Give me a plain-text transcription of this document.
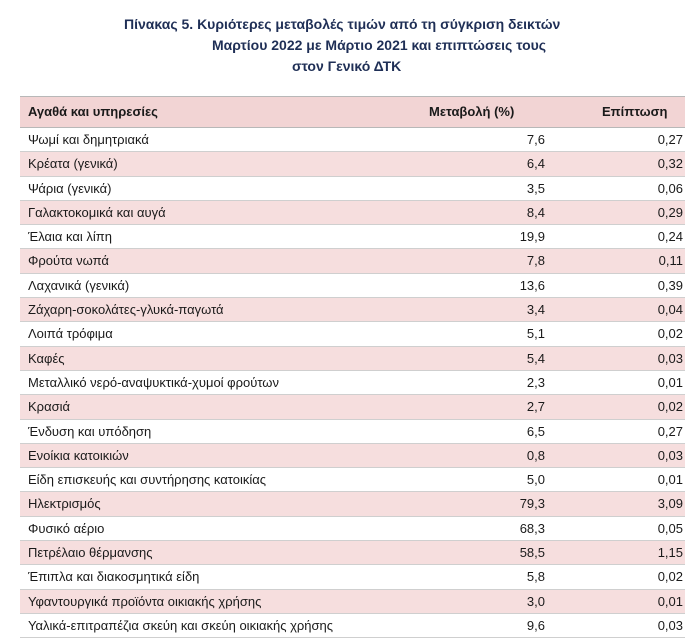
Πίνακας 5. Κυριότερες μεταβολές τιμών από τη σύγκριση δεικτών
Μαρτίου 2022 με Μάρτιο 2021 και επιπτώσεις τους
στον Γενικό ΔΤΚ
Αγαθά και υπηρεσίες	Μεταβολή (%)	Επίπτωση
Ψωμί και δημητριακά	7,6	0,27
Κρέατα (γενικά)	6,4	0,32
Ψάρια (γενικά)	3,5	0,06
Γαλακτοκομικά και αυγά	8,4	0,29
Έλαια και λίπη	19,9	0,24
Φρούτα νωπά	7,8	0,11
Λαχανικά (γενικά)	13,6	0,39
Ζάχαρη-σοκολάτες-γλυκά-παγωτά	3,4	0,04
Λοιπά τρόφιμα	5,1	0,02
Καφές	5,4	0,03
Μεταλλικό νερό-αναψυκτικά-χυμοί φρούτων	2,3	0,01
Κρασιά	2,7	0,02
Ένδυση και υπόδηση	6,5	0,27
Ενοίκια κατοικιών	0,8	0,03
Είδη επισκευής και συντήρησης κατοικίας	5,0	0,01
Ηλεκτρισμός	79,3	3,09
Φυσικό αέριο	68,3	0,05
Πετρέλαιο θέρμανσης	58,5	1,15
Έπιπλα και διακοσμητικά είδη	5,8	0,02
Υφαντουργικά προϊόντα οικιακής χρήσης	3,0	0,01
Υαλικά-επιτραπέζια σκεύη και σκεύη οικιακής χρήσης	9,6	0,03
